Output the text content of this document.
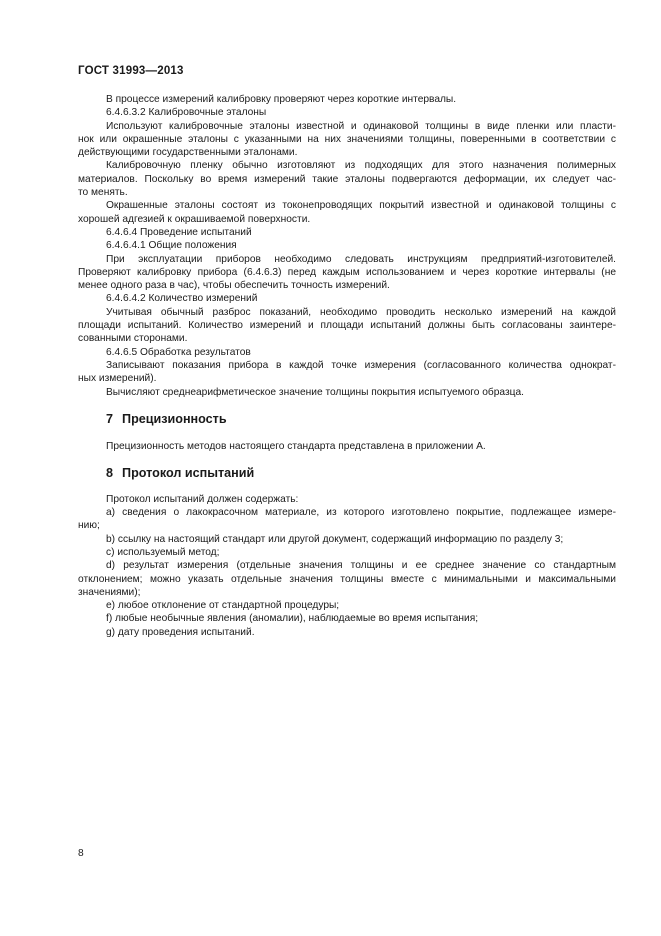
ГОСТ 31993—2013

В процессе измерений калибровку проверяют через короткие интервалы.

6.4.6.3.2 Калибровочные эталоны

Используют калибровочные эталоны известной и одинаковой толщины в виде пленки или пласти-

нок или окрашенные эталоны с указанными на них значениями толщины, поверенными в соответствии с

действующими государственными эталонами.

Калибровочную пленку обычно изготовляют из подходящих для этого назначения полимерных

материалов. Поскольку во время измерений такие эталоны подвергаются деформации, их следует час-

то менять.

Окрашенные эталоны состоят из токонепроводящих покрытий известной и одинаковой толщины с

хорошей адгезией к окрашиваемой поверхности.

6.4.6.4 Проведение испытаний

6.4.6.4.1 Общие положения

При эксплуатации приборов необходимо следовать инструкциям предприятий-изготовителей.

Проверяют калибровку прибора (6.4.6.3) перед каждым использованием и через короткие интервалы (не

менее одного раза в час), чтобы обеспечить точность измерений.

6.4.6.4.2 Количество измерений

Учитывая обычный разброс показаний, необходимо проводить несколько измерений на каждой

площади испытаний. Количество измерений и площади испытаний должны быть согласованы заинтере-

сованными сторонами.

6.4.6.5 Обработка результатов

Записывают показания прибора в каждой точке измерения (согласованного количества однократ-

ных измерений).

Вычисляют среднеарифметическое значение толщины покрытия испытуемого образца.

7 Прецизионность

Прецизионность методов настоящего стандарта представлена в приложении А.

8 Протокол испытаний

Протокол испытаний должен содержать:

а) сведения о лакокрасочном материале, из которого изготовлено покрытие, подлежащее измере-

нию;

b) ссылку на настоящий стандарт или другой документ, содержащий информацию по разделу 3;

c) используемый метод;

d) результат измерения (отдельные значения толщины и ее среднее значение со стандартным

отклонением; можно указать отдельные значения толщины вместе с минимальными и максимальными

значениями);

e) любое отклонение от стандартной процедуры;

f) любые необычные явления (аномалии), наблюдаемые во время испытания;

g) дату проведения испытаний.

8
